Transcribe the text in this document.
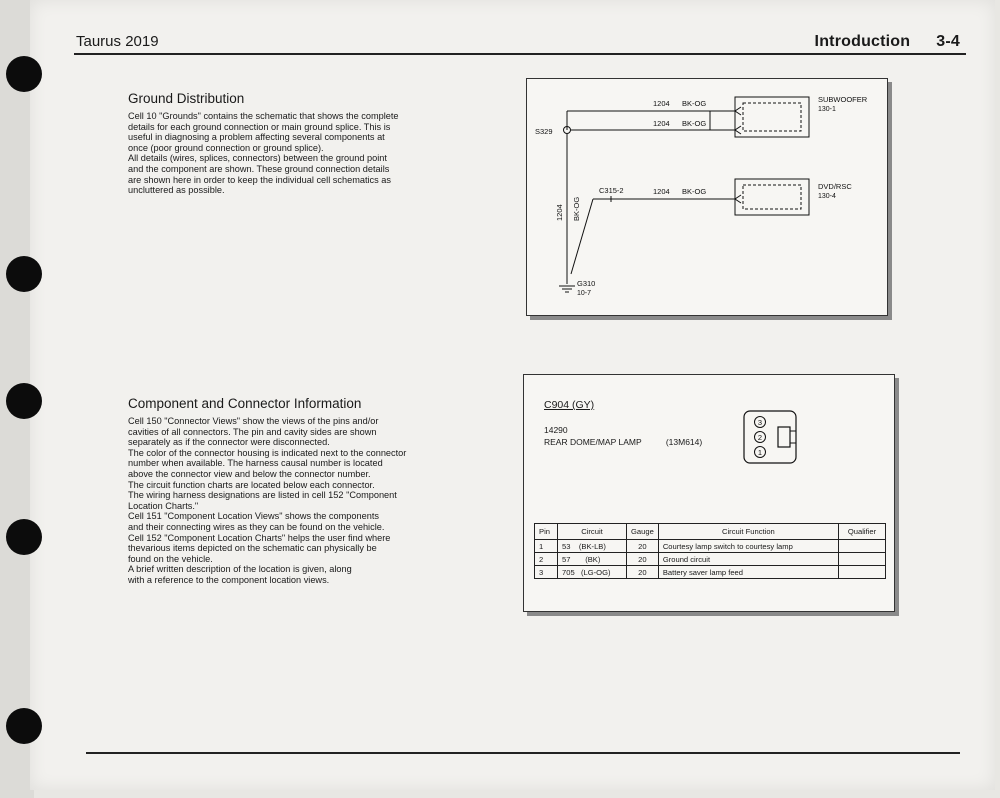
Taurus 2019	Introduction 3-4
Ground Distribution
Cell 10 "Grounds" contains the schematic that shows the complete
details for each ground connection or main ground splice. This is
useful in diagnosing a problem affecting several components at
once (poor ground connection or ground splice).
All details (wires, splices, connectors) between the ground point
and the component are shown. These ground connection details
are shown here in order to keep the individual cell schematics as
uncluttered as possible.
Component and Connector Information
Cell 150 "Connector Views" show the views of the pins and/or
cavities of all connectors. The pin and cavity sides are shown
separately as if the connector were disconnected.
The color of the connector housing is indicated next to the connector
number when available. The harness causal number is located
above the connector view and below the connector number.
The circuit function charts are located below each connector.
The wiring harness designations are listed in cell 152 "Component
Location Charts."
Cell 151 "Component Location Views" shows the components
and their connecting wires as they can be found on the vehicle.
Cell 152 "Component Location Charts" helps the user find where
thevarious items depicted on the schematic can physically be
found on the vehicle.
A brief written description of the location is given, along
with a reference to the component location views.
1204 BK-OG
1204 BK-OG
S329
SUBWOOFER
130-1
C315-2	1204 BK-OG
DVD/RSC
130-4
1204 BK-OG
G310
10-7
C904 (GY)
14290
REAR DOME/MAP LAMP	(13M614)
3
2
1
Pin	Circuit	Gauge	Circuit Function	Qualifier
1	53    (BK-LB)	20	Courtesy lamp switch to courtesy lamp	
2	57       (BK)	20	Ground circuit	
3	705   (LG-OG)	20	Battery saver lamp feed	
